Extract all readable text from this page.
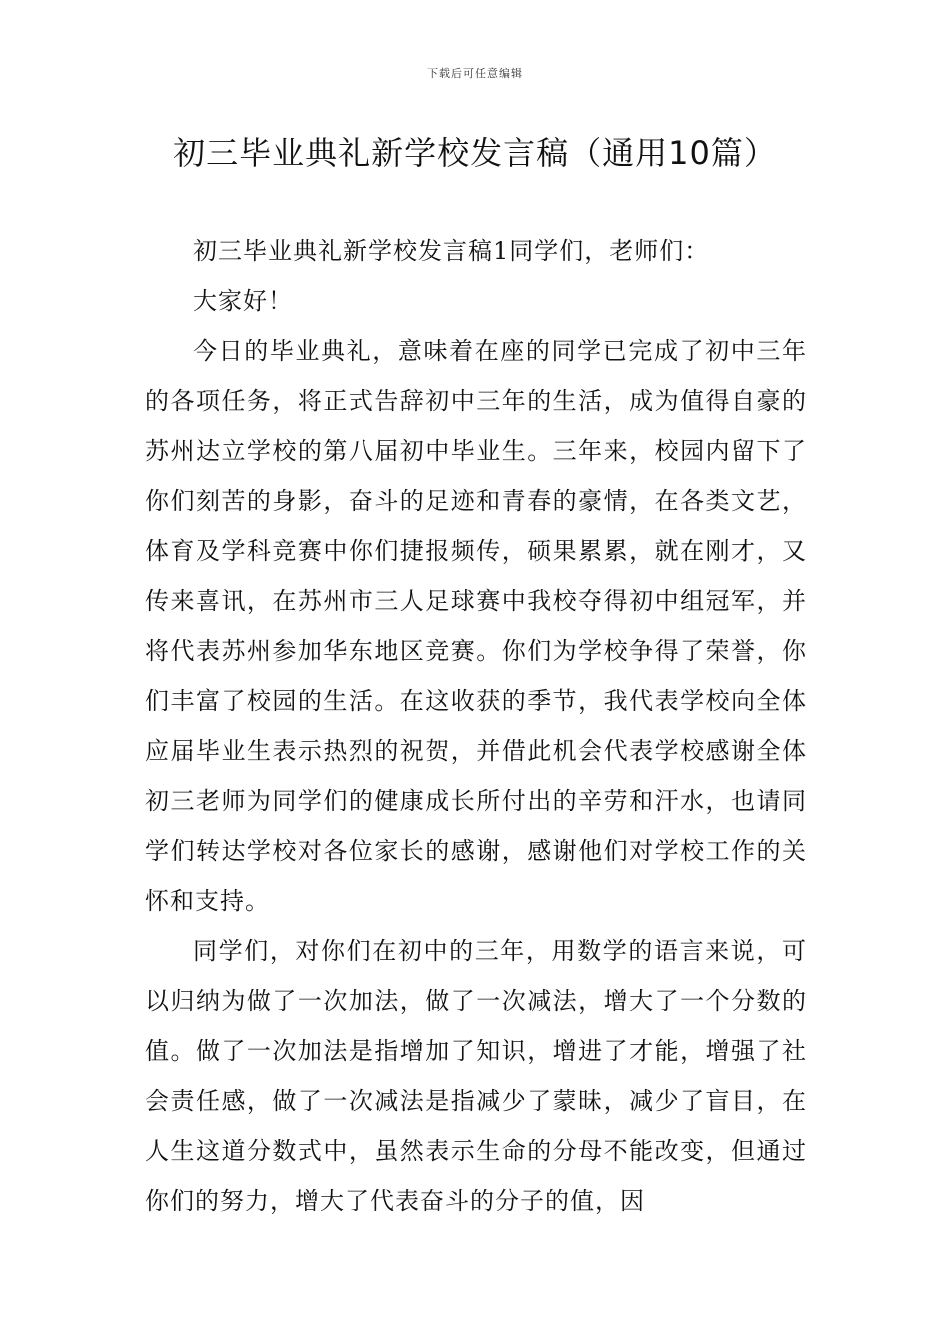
下载后可任意编辑
初三毕业典礼新学校发言稿（通用10篇）

初三毕业典礼新学校发言稿1同学们，老师们：

大家好！

今日的毕业典礼，意味着在座的同学已完成了初中三年的各项任务，将正式告辞初中三年的生活，成为值得自豪的苏州达立学校的第八届初中毕业生。三年来，校园内留下了你们刻苦的身影，奋斗的足迹和青春的豪情，在各类文艺，体育及学科竞赛中你们捷报频传，硕果累累，就在刚才，又传来喜讯，在苏州市三人足球赛中我校夺得初中组冠军，并将代表苏州参加华东地区竞赛。你们为学校争得了荣誉，你们丰富了校园的生活。在这收获的季节，我代表学校向全体应届毕业生表示热烈的祝贺，并借此机会代表学校感谢全体初三老师为同学们的健康成长所付出的辛劳和汗水，也请同学们转达学校对各位家长的感谢，感谢他们对学校工作的关怀和支持。

同学们，对你们在初中的三年，用数学的语言来说，可以归纳为做了一次加法，做了一次减法，增大了一个分数的值。做了一次加法是指增加了知识，增进了才能，增强了社会责任感，做了一次减法是指减少了蒙昧，减少了盲目，在人生这道分数式中，虽然表示生命的分母不能改变，但通过你们的努力，增大了代表奋斗的分子的值，因
